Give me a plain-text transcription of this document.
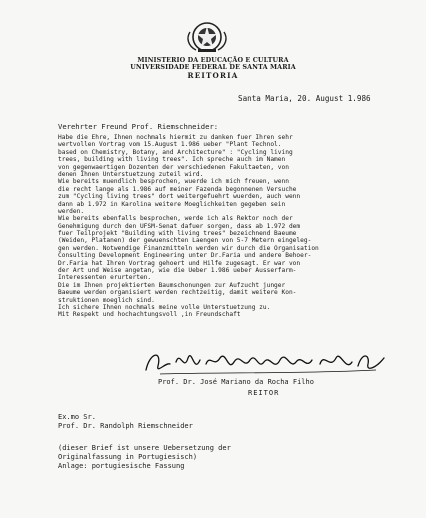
MINISTERIO DA EDUCAÇÃO E CULTURA
UNIVERSIDADE FEDERAL DE SANTA MARIA
REITORIA
Santa Maria, 20. August 1.986
Verehrter Freund Prof. Riemschneider:
Habe die Ehre, Ihnen nochmals hiermit zu danken fuer Ihren sehr
wertvollen Vortrag vom 15.August 1.986 ueber "Plant Technol.
based on Chemistry, Botany, and Architecture" : "Cycling living
trees, building with living trees". Ich spreche auch im Namen
von gegenwaertigen Dozenten der verschiedenen Fakultaeten, von
denen Ihnen Unterstuetzung zuteil wird.
Wie bereits muendlich besprochen, wuerde ich mich freuen, wenn
die recht lange als 1.986 auf meiner Fazenda begonnenen Versuche
zum "Cycling living trees" dort weitergefuehrt wuerden, auch wenn
dann ab 1.972 in Karolina weitere Moeglichkeiten gegeben sein
werden.
Wie bereits ebenfalls besprochen, werde ich als Rektor noch der
Genehmigung durch den UFSM-Senat dafuer sorgen, dass ab 1.972 dem
fuer Teilprojekt "Building with living trees" bezeichnend Baeume
(Weiden, Platanen) der gewuenschten Laengen von 5-7 Metern eingeleg-
gen werden. Notwendige Finanzmitteln werden wir durch die Organisation
Consulting Development Engineering unter Dr.Faria und andere Behoer-
Dr.Faria hat Ihren Vortrag gehoert und Hilfe zugesagt. Er war von
der Art und Weise angetan, wie die Ueber 1.986 ueber Ausserfarm-
Interessenten erurterten.
Die im Ihnen projektierten Baumschonungen zur Aufzucht junger
Baeume werden organisiert werden rechtzeitig, damit weitere Kon-
struktionen moeglich sind.
Ich sichere Ihnen nochmals meine volle Unterstuetzung zu.
Mit Respekt und hochachtungsvoll ,in Freundschaft
Prof. Dr. José Mariano da Rocha Filho
REITOR
Ex.mo Sr.
Prof. Dr. Randolph Riemschneider
(dieser Brief ist unsere Uebersetzung der
Originalfassung in Portugiesisch)
Anlage: portugiesische Fassung
